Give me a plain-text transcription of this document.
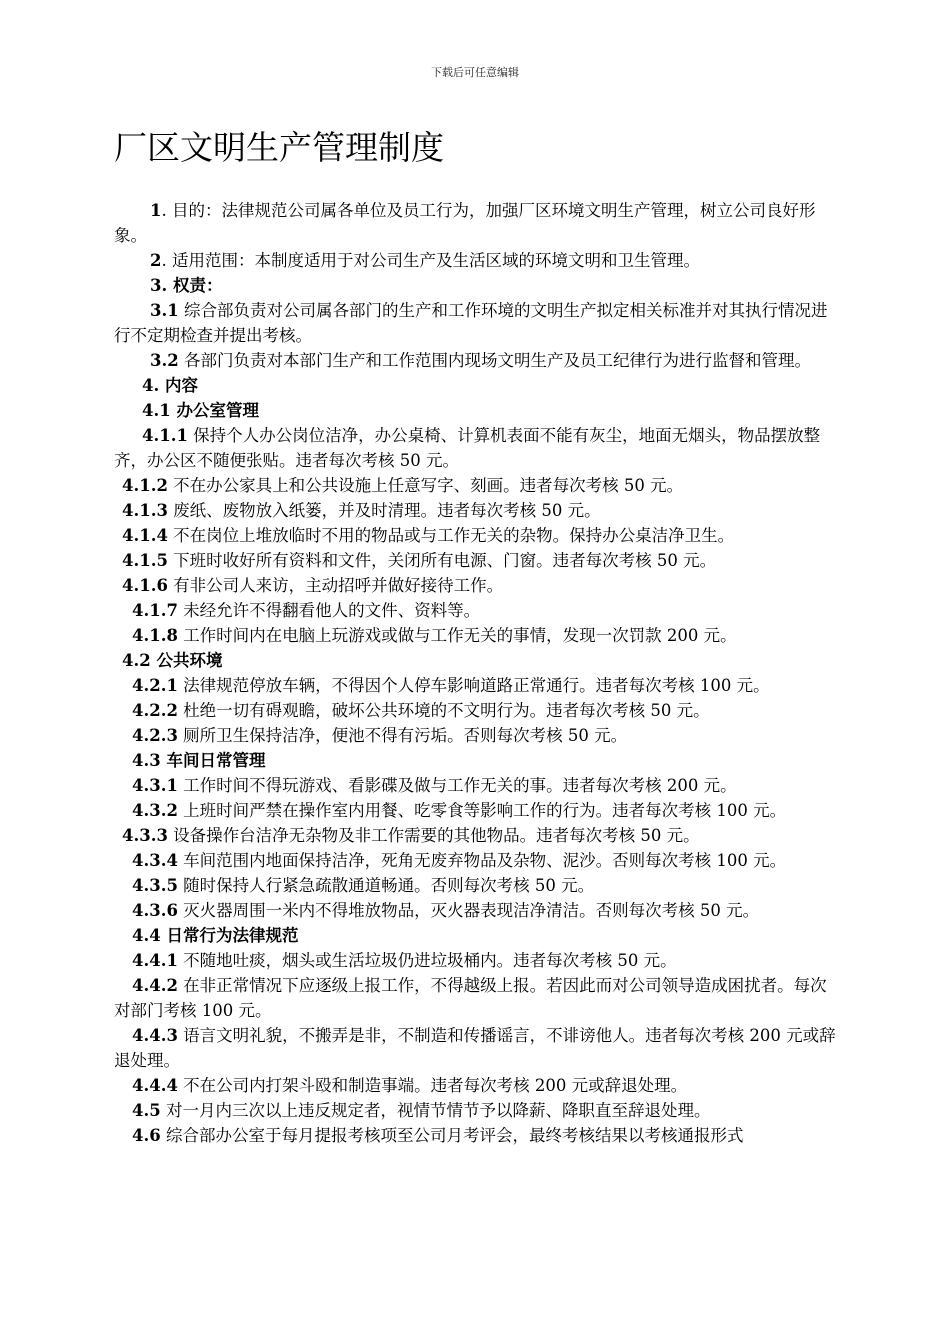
下载后可任意编辑
厂区文明生产管理制度

1. 目的：法律规范公司属各单位及员工行为，加强厂区环境文明生产管理，树立公司良好形象。

2. 适用范围：本制度适用于对公司生产及生活区域的环境文明和卫生管理。

3. 权责：

3.1 综合部负责对公司属各部门的生产和工作环境的文明生产拟定相关标准并对其执行情况进行不定期检查并提出考核。

3.2 各部门负责对本部门生产和工作范围内现场文明生产及员工纪律行为进行监督和管理。

4. 内容

4.1 办公室管理

4.1.1 保持个人办公岗位洁净，办公桌椅、计算机表面不能有灰尘，地面无烟头，物品摆放整齐，办公区不随便张贴。违者每次考核 50 元。

4.1.2 不在办公家具上和公共设施上任意写字、刻画。违者每次考核 50 元。

4.1.3 废纸、废物放入纸篓，并及时清理。违者每次考核 50 元。

4.1.4 不在岗位上堆放临时不用的物品或与工作无关的杂物。保持办公桌洁净卫生。

4.1.5 下班时收好所有资料和文件，关闭所有电源、门窗。违者每次考核 50 元。

4.1.6 有非公司人来访，主动招呼并做好接待工作。

4.1.7 未经允许不得翻看他人的文件、资料等。

4.1.8 工作时间内在电脑上玩游戏或做与工作无关的事情，发现一次罚款 200 元。

4.2 公共环境

4.2.1 法律规范停放车辆，不得因个人停车影响道路正常通行。违者每次考核 100 元。

4.2.2 杜绝一切有碍观瞻，破坏公共环境的不文明行为。违者每次考核 50 元。

4.2.3 厕所卫生保持洁净，便池不得有污垢。否则每次考核 50 元。

4.3 车间日常管理

4.3.1 工作时间不得玩游戏、看影碟及做与工作无关的事。违者每次考核 200 元。

4.3.2 上班时间严禁在操作室内用餐、吃零食等影响工作的行为。违者每次考核 100 元。

4.3.3 设备操作台洁净无杂物及非工作需要的其他物品。违者每次考核 50 元。

4.3.4 车间范围内地面保持洁净，死角无废弃物品及杂物、泥沙。否则每次考核 100 元。

4.3.5 随时保持人行紧急疏散通道畅通。否则每次考核 50 元。

4.3.6 灭火器周围一米内不得堆放物品，灭火器表现洁净清洁。否则每次考核 50 元。

4.4 日常行为法律规范

4.4.1 不随地吐痰，烟头或生活垃圾仍进垃圾桶内。违者每次考核 50 元。

4.4.2 在非正常情况下应逐级上报工作，不得越级上报。若因此而对公司领导造成困扰者。每次对部门考核 100 元。

4.4.3 语言文明礼貌，不搬弄是非，不制造和传播谣言，不诽谤他人。违者每次考核 200 元或辞退处理。

4.4.4 不在公司内打架斗殴和制造事端。违者每次考核 200 元或辞退处理。

4.5 对一月内三次以上违反规定者，视情节情节予以降薪、降职直至辞退处理。

4.6 综合部办公室于每月提报考核项至公司月考评会，最终考核结果以考核通报形式
